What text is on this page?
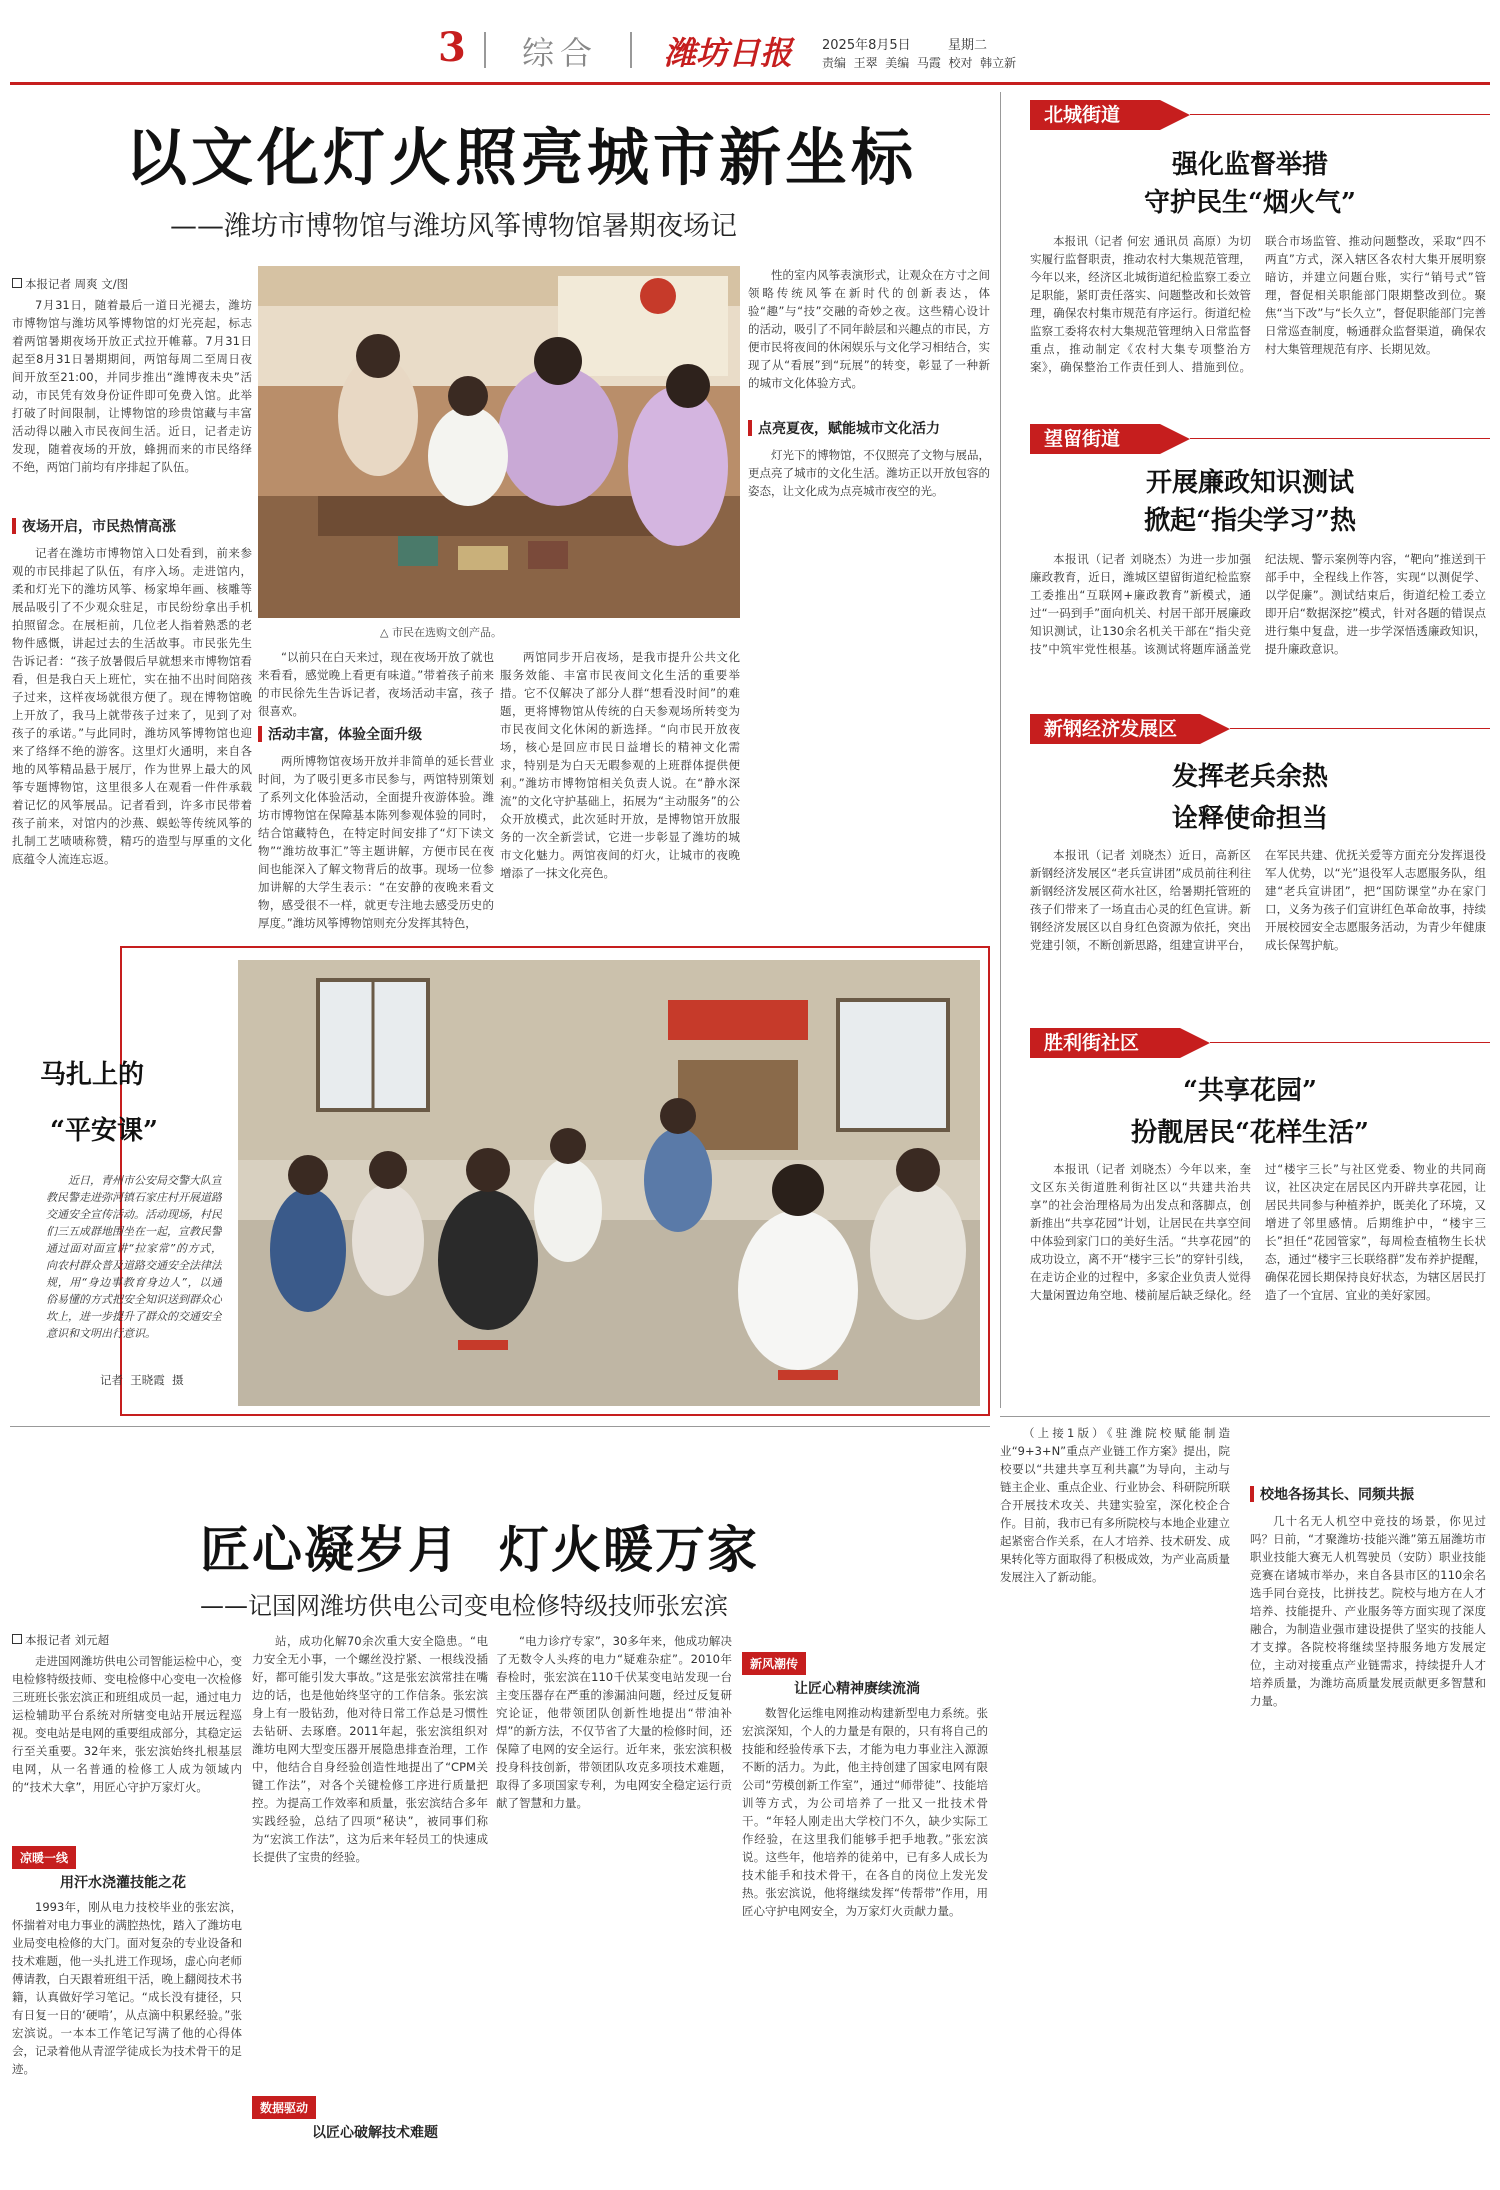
3 综合 潍坊日报 2025年8月5日	星期二
责编  王翠  美编  马霞  校对  韩立新
以文化灯火照亮城市新坐标
——潍坊市博物馆与潍坊风筝博物馆暑期夜场记
本报记者 周爽 文/图

7月31日，随着最后一道日光褪去，潍坊市博物馆与潍坊风筝博物馆的灯光亮起，标志着两馆暑期夜场开放正式拉开帷幕。7月31日起至8月31日暑期期间，两馆每周二至周日夜间开放至21:00，并同步推出“潍博夜未央”活动，市民凭有效身份证件即可免费入馆。此举打破了时间限制，让博物馆的珍贵馆藏与丰富活动得以融入市民夜间生活。近日，记者走访发现，随着夜场的开放，蜂拥而来的市民络绎不绝，两馆门前均有序排起了队伍。

夜场开启，市民热情高涨

记者在潍坊市博物馆入口处看到，前来参观的市民排起了队伍，有序入场。走进馆内，柔和灯光下的潍坊风筝、杨家埠年画、核雕等展品吸引了不少观众驻足，市民纷纷拿出手机拍照留念。在展柜前，几位老人指着熟悉的老物件感慨，讲起过去的生活故事。市民张先生告诉记者：“孩子放暑假后早就想来市博物馆看看，但是我白天上班忙，实在抽不出时间陪孩子过来，这样夜场就很方便了。现在博物馆晚上开放了，我马上就带孩子过来了，见到了对孩子的承诺。”与此同时，潍坊风筝博物馆也迎来了络绎不绝的游客。这里灯火通明，来自各地的风筝精品悬于展厅，作为世界上最大的风筝专题博物馆，这里很多人在观看一件件承载着记忆的风筝展品。记者看到，许多市民带着孩子前来，对馆内的沙燕、蜈蚣等传统风筝的扎制工艺啧啧称赞，精巧的造型与厚重的文化底蕴令人流连忘返。

△ 市民在选购文创产品。

“以前只在白天来过，现在夜场开放了就也来看看，感觉晚上看更有味道。”带着孩子前来的市民徐先生告诉记者，夜场活动丰富，孩子很喜欢。

活动丰富，体验全面升级

两所博物馆夜场开放并非简单的延长营业时间，为了吸引更多市民参与，两馆特别策划了系列文化体验活动，全面提升夜游体验。潍坊市博物馆在保障基本陈列参观体验的同时，结合馆藏特色，在特定时间安排了“灯下读文物”“潍坊故事汇”等主题讲解，方便市民在夜间也能深入了解文物背后的故事。现场一位参加讲解的大学生表示：“在安静的夜晚来看文物，感受很不一样，就更专注地去感受历史的厚度。”潍坊风筝博物馆则充分发挥其特色，

两馆同步开启夜场，是我市提升公共文化服务效能、丰富市民夜间文化生活的重要举措。它不仅解决了部分人群“想看没时间”的难题，更将博物馆从传统的白天参观场所转变为市民夜间文化休闲的新选择。“向市民开放夜场，核心是回应市民日益增长的精神文化需求，特别是为白天无暇参观的上班群体提供便利。”潍坊市博物馆相关负责人说。在“静水深流”的文化守护基础上，拓展为“主动服务”的公众开放模式，此次延时开放，是博物馆开放服务的一次全新尝试，它进一步彰显了潍坊的城市文化魅力。两馆夜间的灯火，让城市的夜晚增添了一抹文化亮色。

性的室内风筝表演形式，让观众在方寸之间领略传统风筝在新时代的创新表达，体验“趣”与“技”交融的奇妙之夜。这些精心设计的活动，吸引了不同年龄层和兴趣点的市民，方便市民将夜间的休闲娱乐与文化学习相结合，实现了从“看展”到“玩展”的转变，彰显了一种新的城市文化体验方式。

点亮夏夜，赋能城市文化活力

灯光下的博物馆，不仅照亮了文物与展品，更点亮了城市的文化生活。潍坊正以开放包容的姿态，让文化成为点亮城市夜空的光。

马扎上的
“平安课”

近日，青州市公安局交警大队宣教民警走进弥河镇石家庄村开展道路交通安全宣传活动。活动现场，村民们三五成群地围坐在一起，宣教民警通过面对面宣讲“拉家常”的方式，向农村群众普及道路交通安全法律法规，用“身边事教育身边人”，以通俗易懂的方式把安全知识送到群众心坎上，进一步提升了群众的交通安全意识和文明出行意识。

记者  王晓霞  摄
匠心凝岁月  灯火暖万家
——记国网潍坊供电公司变电检修特级技师张宏滨
本报记者 刘元超

走进国网潍坊供电公司智能运检中心，变电检修特级技师、变电检修中心变电一次检修三班班长张宏滨正和班组成员一起，通过电力运检辅助平台系统对所辖变电站开展远程巡视。变电站是电网的重要组成部分，其稳定运行至关重要。32年来，张宏滨始终扎根基层电网，从一名普通的检修工人成为领域内的“技术大拿”，用匠心守护万家灯火。

凉暖一线
用汗水浇灌技能之花

1993年，刚从电力技校毕业的张宏滨，怀揣着对电力事业的满腔热忱，踏入了潍坊电业局变电检修的大门。面对复杂的专业设备和技术难题，他一头扎进工作现场，虚心向老师傅请教，白天跟着班组干活，晚上翻阅技术书籍，认真做好学习笔记。“成长没有捷径，只有日复一日的‘硬啃’，从点滴中积累经验。”张宏滨说。一本本工作笔记写满了他的心得体会，记录着他从青涩学徒成长为技术骨干的足迹。

站，成功化解70余次重大安全隐患。“电力安全无小事，一个螺丝没拧紧、一根线没插好，都可能引发大事故。”这是张宏滨常挂在嘴边的话，也是他始终坚守的工作信条。张宏滨身上有一股钻劲，他对待日常工作总是习惯性去钻研、去琢磨。2011年起，张宏滨组织对潍坊电网大型变压器开展隐患排查治理，工作中，他结合自身经验创造性地提出了“CPM关键工作法”，对各个关键检修工序进行质量把控。为提高工作效率和质量，张宏滨结合多年实践经验，总结了四项“秘诀”，被同事们称为“宏滨工作法”，这为后来年轻员工的快速成长提供了宝贵的经验。

数据驱动
以匠心破解技术难题

“电力诊疗专家”，30多年来，他成功解决了无数令人头疼的电力“疑难杂症”。2010年春检时，张宏滨在110千伏某变电站发现一台主变压器存在严重的渗漏油问题，经过反复研究论证，他带领团队创新性地提出“带油补焊”的新方法，不仅节省了大量的检修时间，还保障了电网的安全运行。近年来，张宏滨积极投身科技创新，带领团队攻克多项技术难题，取得了多项国家专利，为电网安全稳定运行贡献了智慧和力量。

新风潮传
让匠心精神赓续流淌

数智化运维电网推动构建新型电力系统。张宏滨深知，个人的力量是有限的，只有将自己的技能和经验传承下去，才能为电力事业注入源源不断的活力。为此，他主持创建了国家电网有限公司“劳模创新工作室”，通过“师带徒”、技能培训等方式，为公司培养了一批又一批技术骨干。“年轻人刚走出大学校门不久，缺少实际工作经验，在这里我们能够手把手地教。”张宏滨说。这些年，他培养的徒弟中，已有多人成长为技术能手和技术骨干，在各自的岗位上发光发热。张宏滨说，他将继续发挥“传帮带”作用，用匠心守护电网安全，为万家灯火贡献力量。

北城街道
强化监督举措
守护民生“烟火气”

本报讯（记者 何宏 通讯员 高原）为切实履行监督职责，推动农村大集规范管理，今年以来，经济区北城街道纪检监察工委立足职能，紧盯责任落实、问题整改和长效管理，确保农村集市规范有序运行。街道纪检监察工委将农村大集规范管理纳入日常监督重点，推动制定《农村大集专项整治方案》，确保整治工作责任到人、措施到位。联合市场监管、推动问题整改，采取“四不两直”方式，深入辖区各农村大集开展明察暗访，并建立问题台账，实行“销号式”管理，督促相关职能部门限期整改到位。聚焦“当下改”与“长久立”，督促职能部门完善日常巡查制度，畅通群众监督渠道，确保农村大集管理规范有序、长期见效。

望留街道
开展廉政知识测试
掀起“指尖学习”热

本报讯（记者 刘晓杰）为进一步加强廉政教育，近日，潍城区望留街道纪检监察工委推出“互联网+廉政教育”新模式，通过“一码到手”面向机关、村居干部开展廉政知识测试，让130余名机关干部在“指尖竞技”中筑牢党性根基。该测试将题库涵盖党纪法规、警示案例等内容，“靶向”推送到干部手中，全程线上作答，实现“以测促学、以学促廉”。测试结束后，街道纪检工委立即开启“数据深挖”模式，针对各题的错误点进行集中复盘，进一步学深悟透廉政知识，提升廉政意识。

新钢经济发展区
发挥老兵余热
诠释使命担当

本报讯（记者 刘晓杰）近日，高新区新钢经济发展区“老兵宣讲团”成员前往利往新钢经济发展区荷水社区，给暑期托管班的孩子们带来了一场直击心灵的红色宣讲。新钢经济发展区以自身红色资源为依托，突出党建引领，不断创新思路，组建宣讲平台，在军民共建、优抚关爱等方面充分发挥退役军人优势，以“光”退役军人志愿服务队，组建“老兵宣讲团”，把“国防课堂”办在家门口，义务为孩子们宣讲红色革命故事，持续开展校园安全志愿服务活动，为青少年健康成长保驾护航。

胜利街社区
“共享花园”
扮靓居民“花样生活”

本报讯（记者 刘晓杰）今年以来，奎文区东关街道胜利街社区以“共建共治共享”的社会治理格局为出发点和落脚点，创新推出“共享花园”计划，让居民在共享空间中体验到家门口的美好生活。“共享花园”的成功设立，离不开“楼宇三长”的穿针引线，在走访企业的过程中，多家企业负责人觉得大量闲置边角空地、楼前屋后缺乏绿化。经过“楼宇三长”与社区党委、物业的共同商议，社区决定在居民区内开辟共享花园，让居民共同参与种植养护，既美化了环境，又增进了邻里感情。后期维护中，“楼宇三长”担任“花园管家”，每周检查植物生长状态，通过“楼宇三长联络群”发布养护提醒，确保花园长期保持良好状态，为辖区居民打造了一个宜居、宜业的美好家园。

（上接1版）《驻潍院校赋能制造业“9+3+N”重点产业链工作方案》提出，院校要以“共建共享互利共赢”为导向，主动与链主企业、重点企业、行业协会、科研院所联合开展技术攻关、共建实验室，深化校企合作。目前，我市已有多所院校与本地企业建立起紧密合作关系，在人才培养、技术研发、成果转化等方面取得了积极成效，为产业高质量发展注入了新动能。

校地各扬其长、同频共振

几十名无人机空中竞技的场景，你见过吗？日前，“才聚潍坊·技能兴潍”第五届潍坊市职业技能大赛无人机驾驶员（安防）职业技能竞赛在诸城市举办，来自各县市区的110余名选手同台竞技，比拼技艺。院校与地方在人才培养、技能提升、产业服务等方面实现了深度融合，为制造业强市建设提供了坚实的技能人才支撑。各院校将继续坚持服务地方发展定位，主动对接重点产业链需求，持续提升人才培养质量，为潍坊高质量发展贡献更多智慧和力量。
